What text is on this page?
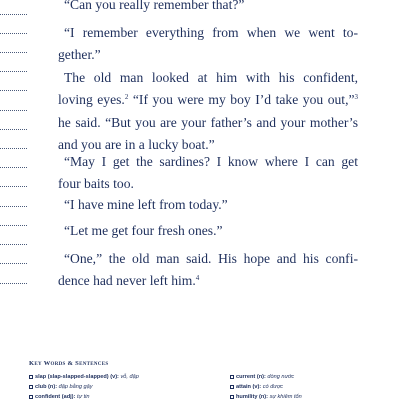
“Can you really remember that?”

“I remember everything from when we went to-
gether.”

The old man looked at him with his confident,
loving eyes.$^2$ “If you were my boy I’d take you out,”$^3$
he said. “But you are your father’s and your mother’s
and you are in a lucky boat.”

“May I get the sardines? I know where I can get
four baits too.

“I have mine left from today.”

“Let me get four fresh ones.”

“One,” the old man said. His hope and his confi-
dence had never left him.$^4$

Key Words & Sentences
slap (slap-slapped-slapped) (v): vỗ, đập
club (n): đập bằng gậy
confident (adj): tự tin
current (n): dòng nước
attain (v): có được
humility (n): sự khiêm tốn
